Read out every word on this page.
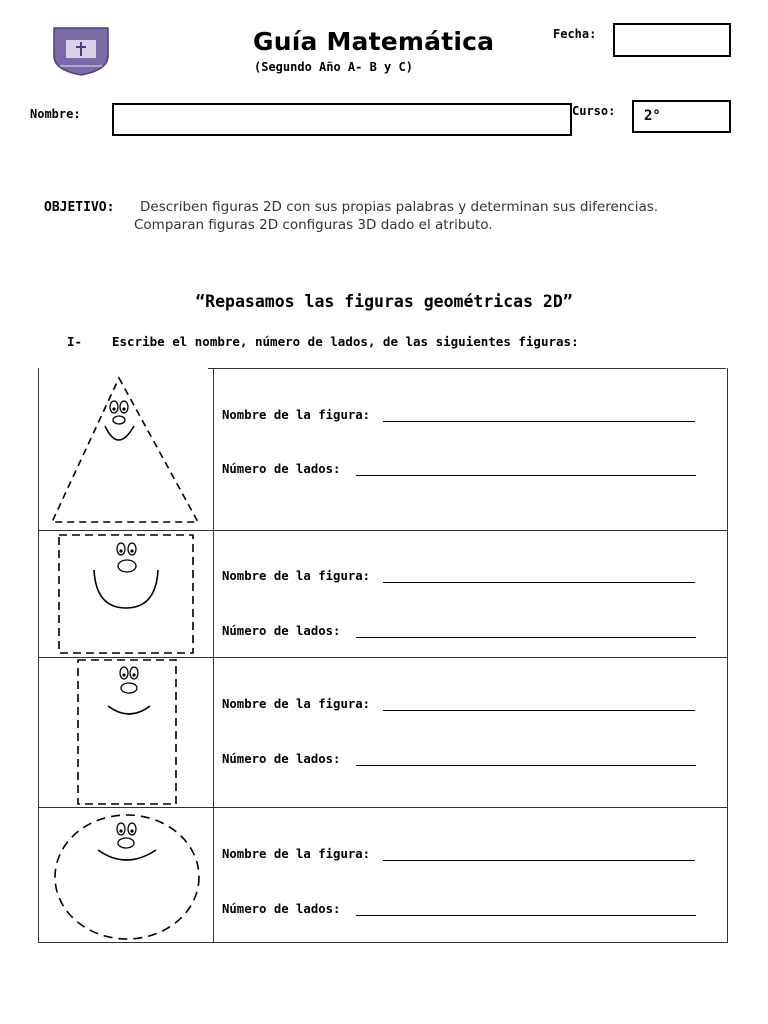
Guía Matemática
(Segundo Año A- B y C)
Fecha:
Nombre:	Curso: 2°
OBJETIVO: Describen figuras 2D con sus propias palabras y determinan sus diferencias.
Comparan figuras 2D configuras 3D dado el atributo.
“Repasamos las figuras geométricas 2D”
I- Escribe el nombre, número de lados, de las siguientes figuras:
Nombre de la figura:
Número de lados:
Nombre de la figura:
Número de lados:
Nombre de la figura:
Número de lados:
Nombre de la figura:
Número de lados:
